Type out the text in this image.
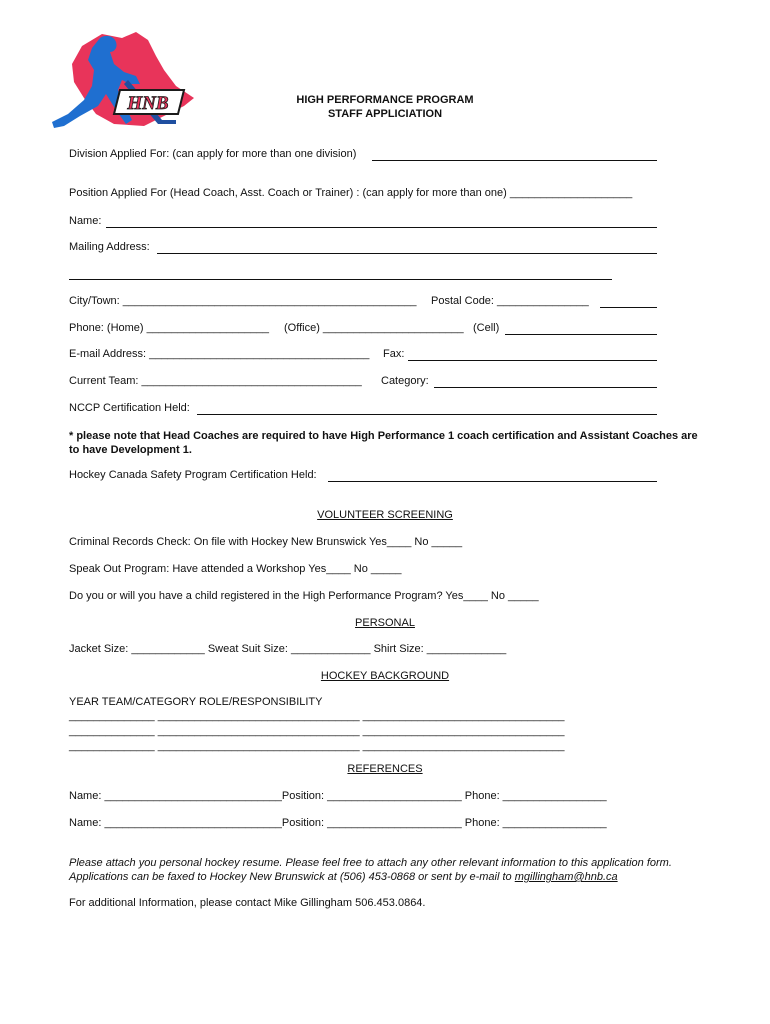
HNB	HIGH PERFORMANCE PROGRAM
STAFF APPLICIATION
Division Applied For: (can apply for more than one division)
Position Applied For (Head Coach, Asst. Coach or Trainer) : (can apply for more than one) ____________________
Name:
Mailing Address:
City/Town: ________________________________________________ Postal Code: _______________
Phone: (Home) ____________________ (Office) _______________________ (Cell)
E-mail Address: ____________________________________ Fax:
Current Team: ____________________________________ Category:
NCCP Certification Held:
* please note that Head Coaches are required to have High Performance 1 coach certification and Assistant Coaches are to have Development 1.
Hockey Canada Safety Program Certification Held:
VOLUNTEER SCREENING
Criminal Records Check: On file with Hockey New Brunswick Yes____ No _____
Speak Out Program: Have attended a Workshop Yes____ No _____
Do you or will you have a child registered in the High Performance Program? Yes____ No _____
PERSONAL
Jacket Size: ____________ Sweat Suit Size: _____________ Shirt Size: _____________
HOCKEY BACKGROUND
YEAR TEAM/CATEGORY ROLE/RESPONSIBILITY
______________ _________________________________ _________________________________
______________ _________________________________ _________________________________
______________ _________________________________ _________________________________
REFERENCES
Name: _____________________________Position: ______________________ Phone: _________________
Name: _____________________________Position: ______________________ Phone: _________________
Please attach you personal hockey resume. Please feel free to attach any other relevant information to this application form.
Applications can be faxed to Hockey New Brunswick at (506) 453-0868 or sent by e-mail to mgillingham@hnb.ca
For additional Information, please contact Mike Gillingham 506.453.0864.
